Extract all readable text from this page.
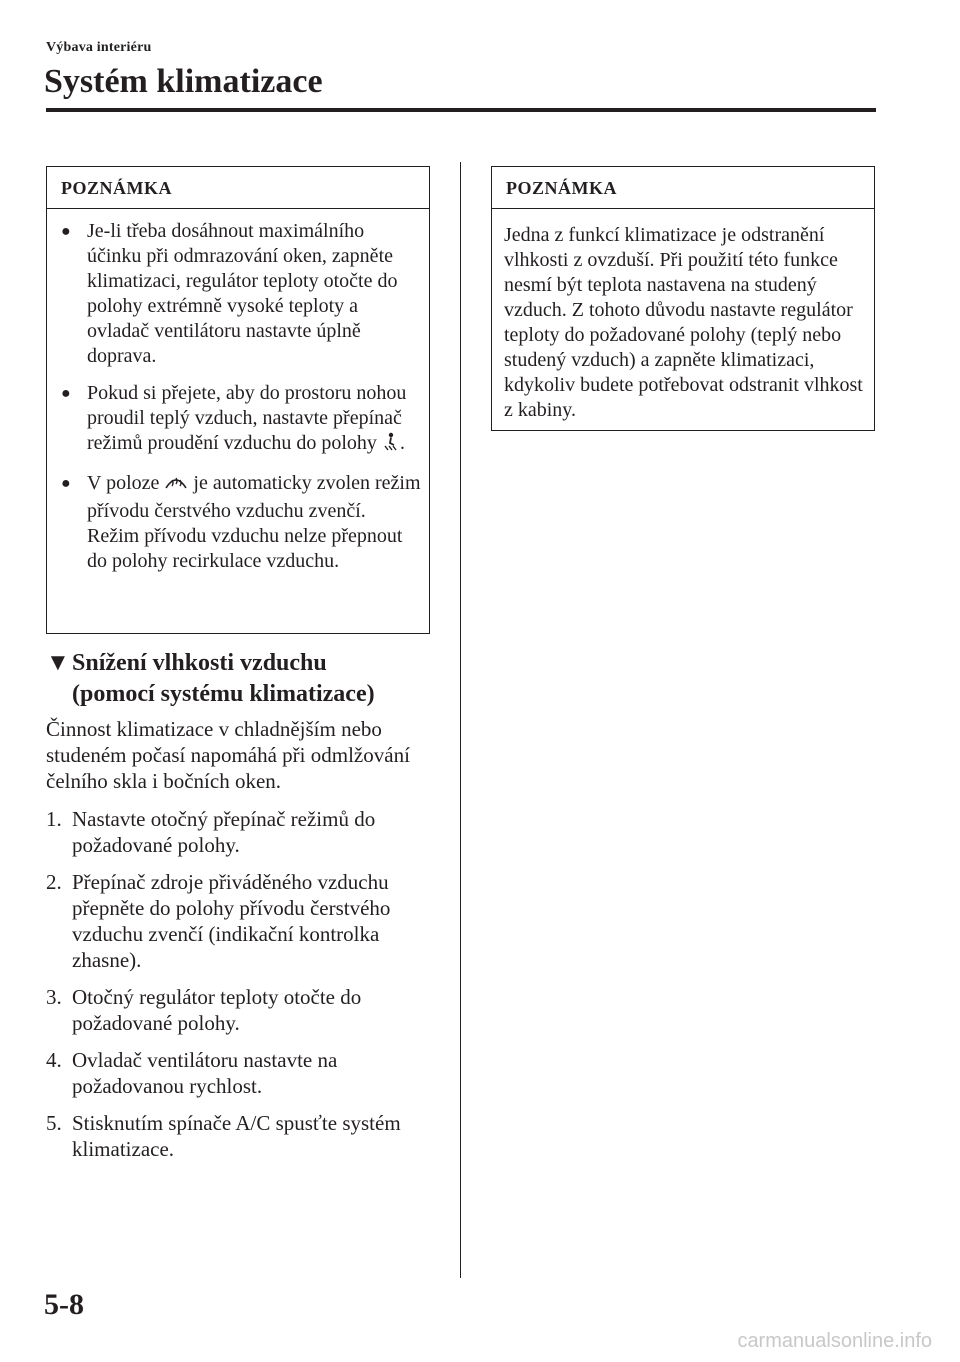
Výbava interiéru
Systém klimatizace
POZNÁMKA
● Je-li třeba dosáhnout maximálního účinku při odmrazování oken, zapněte klimatizaci, regulátor teploty otočte do polohy extrémně vysoké teploty a ovladač ventilátoru nastavte úplně doprava.
● Pokud si přejete, aby do prostoru nohou proudil teplý vzduch, nastavte přepínač režimů proudění vzduchu do polohy .
● V poloze  je automaticky zvolen režim přívodu čerstvého vzduchu zvenčí. Režim přívodu vzduchu nelze přepnout do polohy recirkulace vzduchu.
▼Snížení vlhkosti vzduchu
(pomocí systému klimatizace)

Činnost klimatizace v chladnějším nebo studeném počasí napomáhá při odmlžování čelního skla i bočních oken.

1. Nastavte otočný přepínač režimů do požadované polohy.
2. Přepínač zdroje přiváděného vzduchu přepněte do polohy přívodu čerstvého vzduchu zvenčí (indikační kontrolka zhasne).
3. Otočný regulátor teploty otočte do požadované polohy.
4. Ovladač ventilátoru nastavte na požadovanou rychlost.
5. Stisknutím spínače A/C spusťte systém klimatizace.
POZNÁMKA
Jedna z funkcí klimatizace je odstranění vlhkosti z ovzduší. Při použití této funkce nesmí být teplota nastavena na studený vzduch. Z tohoto důvodu nastavte regulátor teploty do požadované polohy (teplý nebo studený vzduch) a zapněte klimatizaci, kdykoliv budete potřebovat odstranit vlhkost z kabiny.
5-8
carmanualsonline.info
